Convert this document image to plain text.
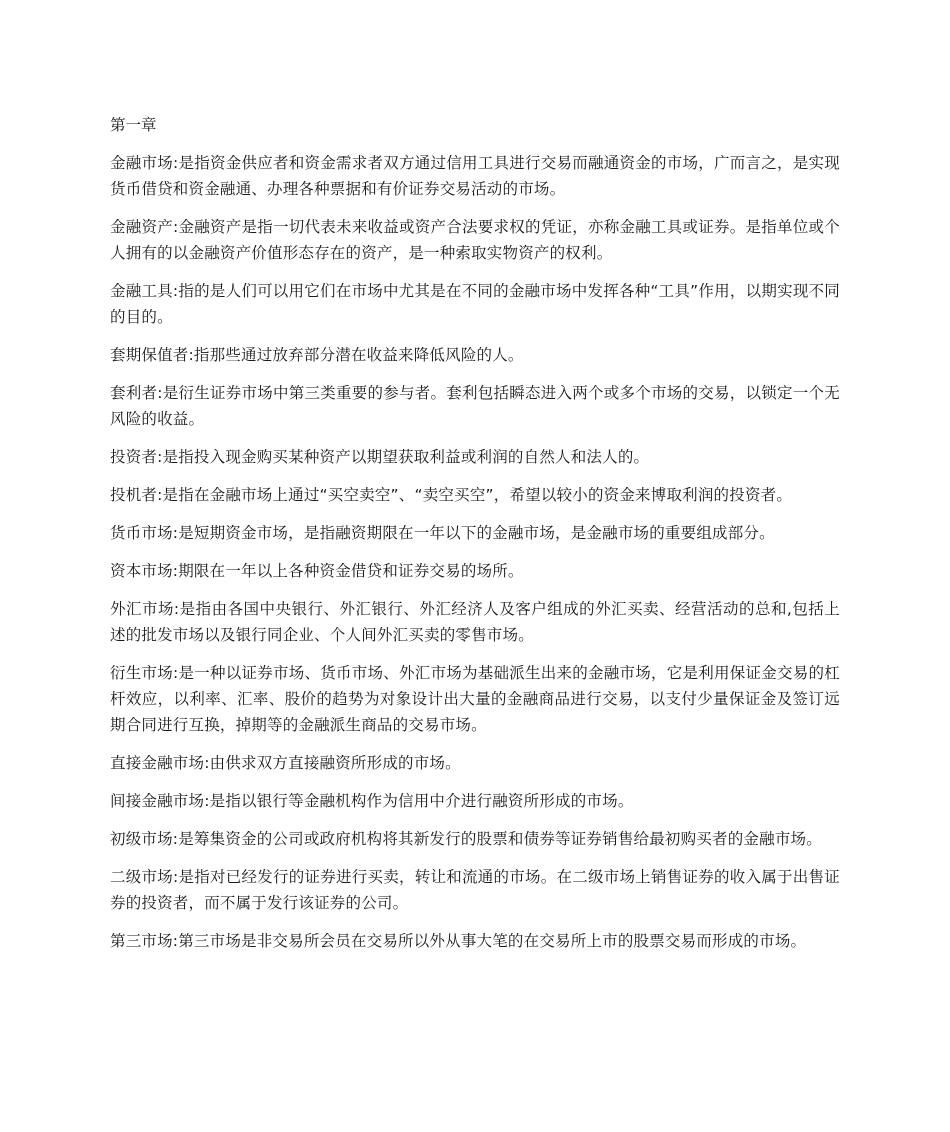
第一章

金融市场:是指资金供应者和资金需求者双方通过信用工具进行交易而融通资金的市场，广而言之，是实现货币借贷和资金融通、办理各种票据和有价证券交易活动的市场。

金融资产:金融资产是指一切代表未来收益或资产合法要求权的凭证，亦称金融工具或证券。是指单位或个人拥有的以金融资产价值形态存在的资产，是一种索取实物资产的权利。

金融工具:指的是人们可以用它们在市场中尤其是在不同的金融市场中发挥各种“工具”作用，以期实现不同的目的。

套期保值者:指那些通过放弃部分潜在收益来降低风险的人。

套利者:是衍生证券市场中第三类重要的参与者。套利包括瞬态进入两个或多个市场的交易，以锁定一个无风险的收益。

投资者:是指投入现金购买某种资产以期望获取利益或利润的自然人和法人的。

投机者:是指在金融市场上通过“买空卖空”、“卖空买空”，希望以较小的资金来博取利润的投资者。

货币市场:是短期资金市场，是指融资期限在一年以下的金融市场，是金融市场的重要组成部分。

资本市场:期限在一年以上各种资金借贷和证券交易的场所。

外汇市场:是指由各国中央银行、外汇银行、外汇经济人及客户组成的外汇买卖、经营活动的总和,包括上述的批发市场以及银行同企业、个人间外汇买卖的零售市场。

衍生市场:是一种以证券市场、货币市场、外汇市场为基础派生出来的金融市场，它是利用保证金交易的杠杆效应，以利率、汇率、股价的趋势为对象设计出大量的金融商品进行交易，以支付少量保证金及签订远期合同进行互换，掉期等的金融派生商品的交易市场。

直接金融市场:由供求双方直接融资所形成的市场。

间接金融市场:是指以银行等金融机构作为信用中介进行融资所形成的市场。

初级市场:是筹集资金的公司或政府机构将其新发行的股票和债券等证券销售给最初购买者的金融市场。

二级市场:是指对已经发行的证券进行买卖，转让和流通的市场。在二级市场上销售证券的收入属于出售证券的投资者，而不属于发行该证券的公司。

第三市场:第三市场是非交易所会员在交易所以外从事大笔的在交易所上市的股票交易而形成的市场。
